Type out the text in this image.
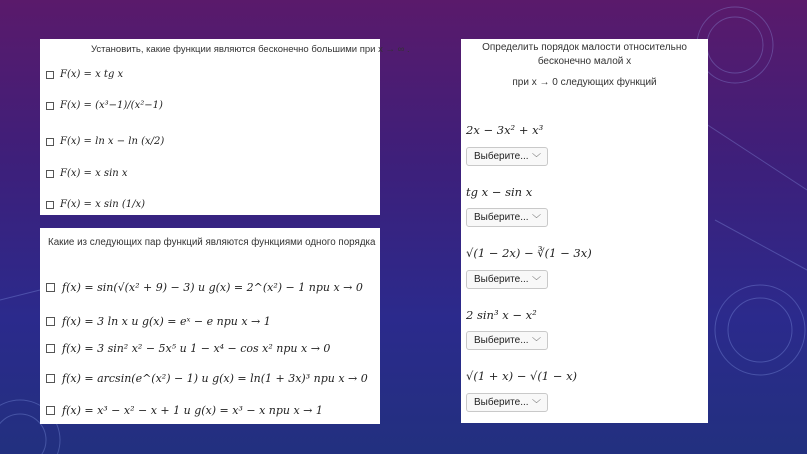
Установить, какие функции являются бесконечно большими при x → ∞ .
F(x) = x tg x
F(x) = (x³−1)/(x²−1)
F(x) = ln x − ln (x/2)
F(x) = x sin x
F(x) = x sin (1/x)
Какие из следующих пар функций являются функциями одного порядка
f(x) = sin(√(x² + 9) − 3) и g(x) = 2^(x²) − 1 при x → 0
f(x) = 3 ln x и g(x) = eˣ − e при x → 1
f(x) = 3 sin² x² − 5x⁵ и 1 − x⁴ − cos x² при x → 0
f(x) = arcsin(e^(x²) − 1) и g(x) = ln(1 + 3x)³ при x → 0
f(x) = x³ − x² − x + 1 и g(x) = x³ − x при x → 1
Определить порядок малости относительно
бесконечно малой x
при x → 0 следующих функций
2x − 3x² + x³
Выберите... ﹀
tg x − sin x
Выберите... ﹀
√(1 − 2x) − ∛(1 − 3x)
Выберите... ﹀
2 sin³ x − x²
Выберите... ﹀
√(1 + x) − √(1 − x)
Выберите... ﹀
